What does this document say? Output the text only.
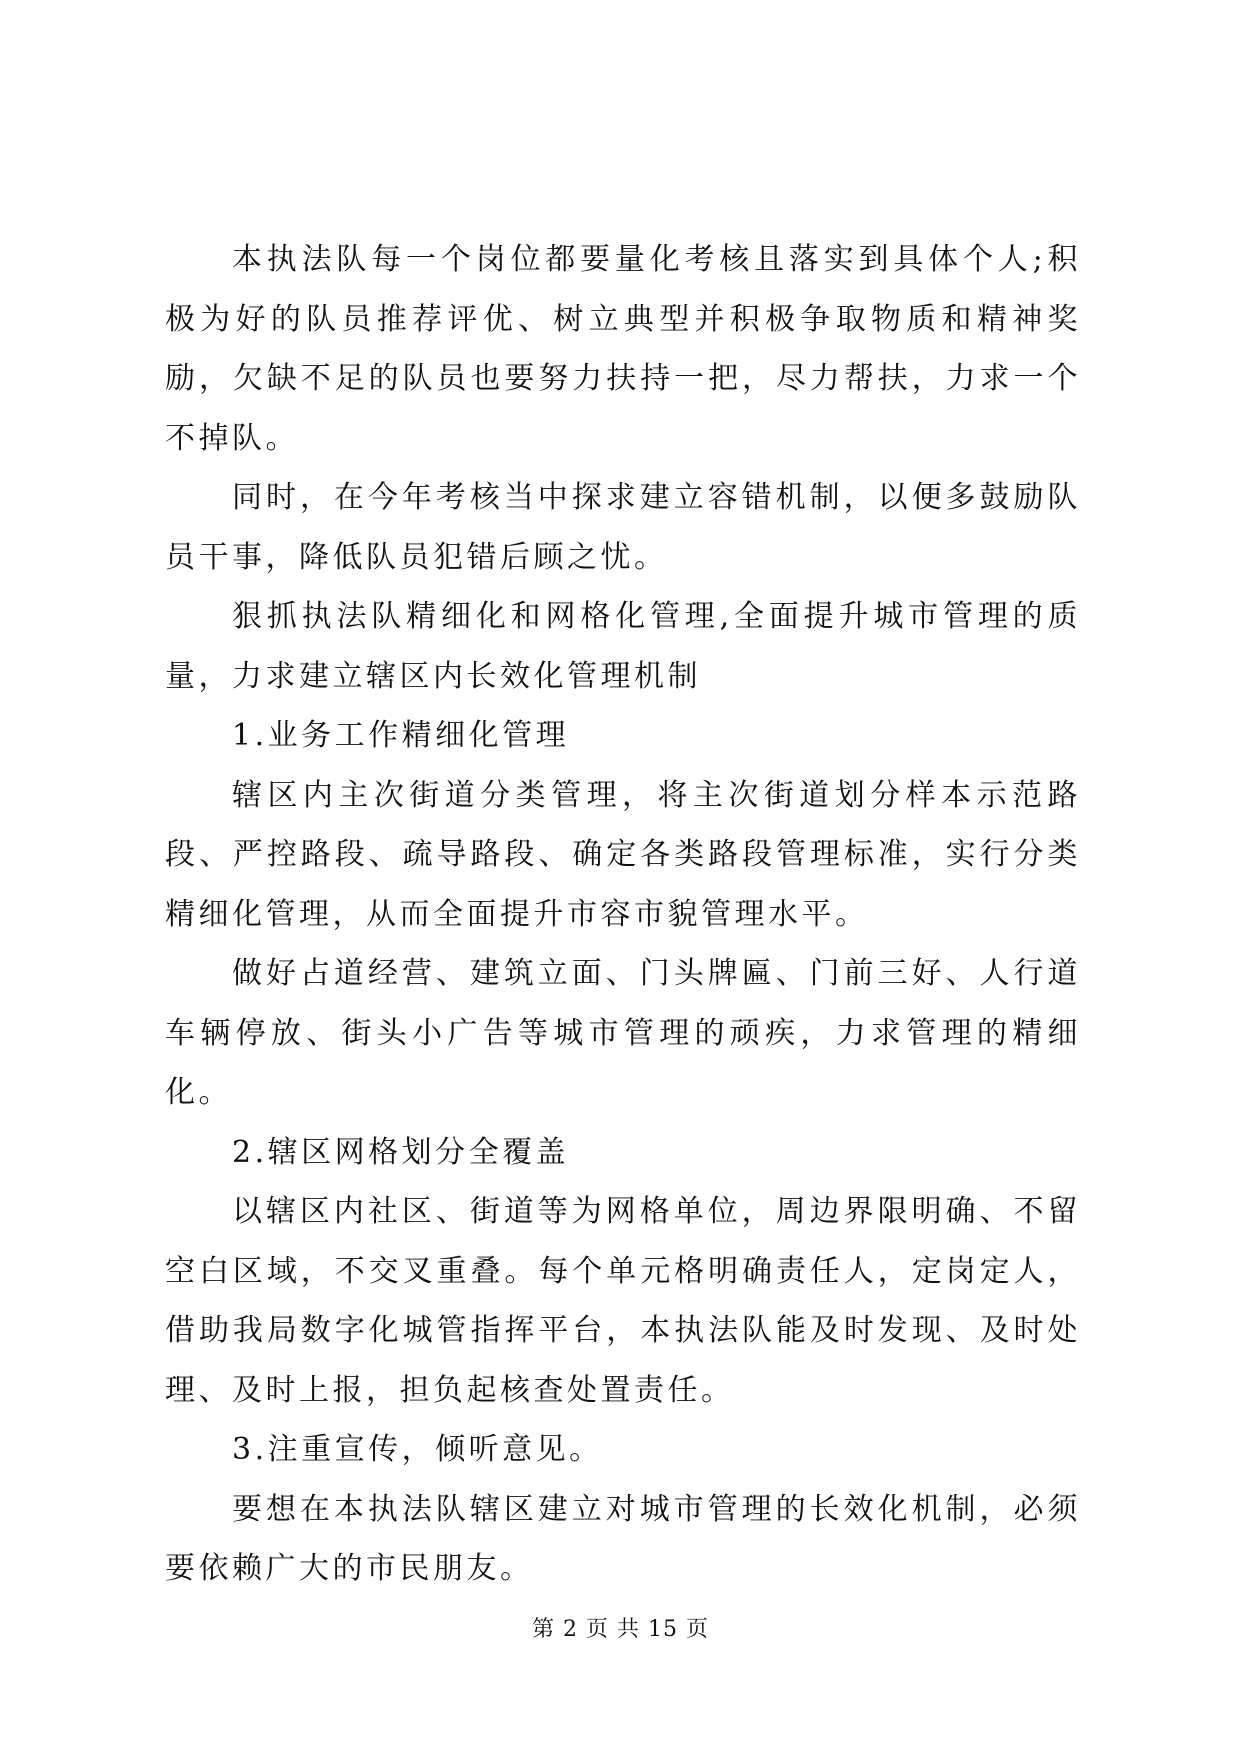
本执法队每一个岗位都要量化考核且落实到具体个人;积极为好的队员推荐评优、树立典型并积极争取物质和精神奖励，欠缺不足的队员也要努力扶持一把，尽力帮扶，力求一个不掉队。

同时，在今年考核当中探求建立容错机制，以便多鼓励队员干事，降低队员犯错后顾之忧。

狠抓执法队精细化和网格化管理,全面提升城市管理的质量，力求建立辖区内长效化管理机制

1.业务工作精细化管理

辖区内主次街道分类管理，将主次街道划分样本示范路段、严控路段、疏导路段、确定各类路段管理标准，实行分类精细化管理，从而全面提升市容市貌管理水平。

做好占道经营、建筑立面、门头牌匾、门前三好、人行道车辆停放、街头小广告等城市管理的顽疾，力求管理的精细化。

2.辖区网格划分全覆盖

以辖区内社区、街道等为网格单位，周边界限明确、不留空白区域，不交叉重叠。每个单元格明确责任人，定岗定人，借助我局数字化城管指挥平台，本执法队能及时发现、及时处理、及时上报，担负起核查处置责任。

3.注重宣传，倾听意见。

要想在本执法队辖区建立对城市管理的长效化机制，必须要依赖广大的市民朋友。

第 2 页 共 15 页
